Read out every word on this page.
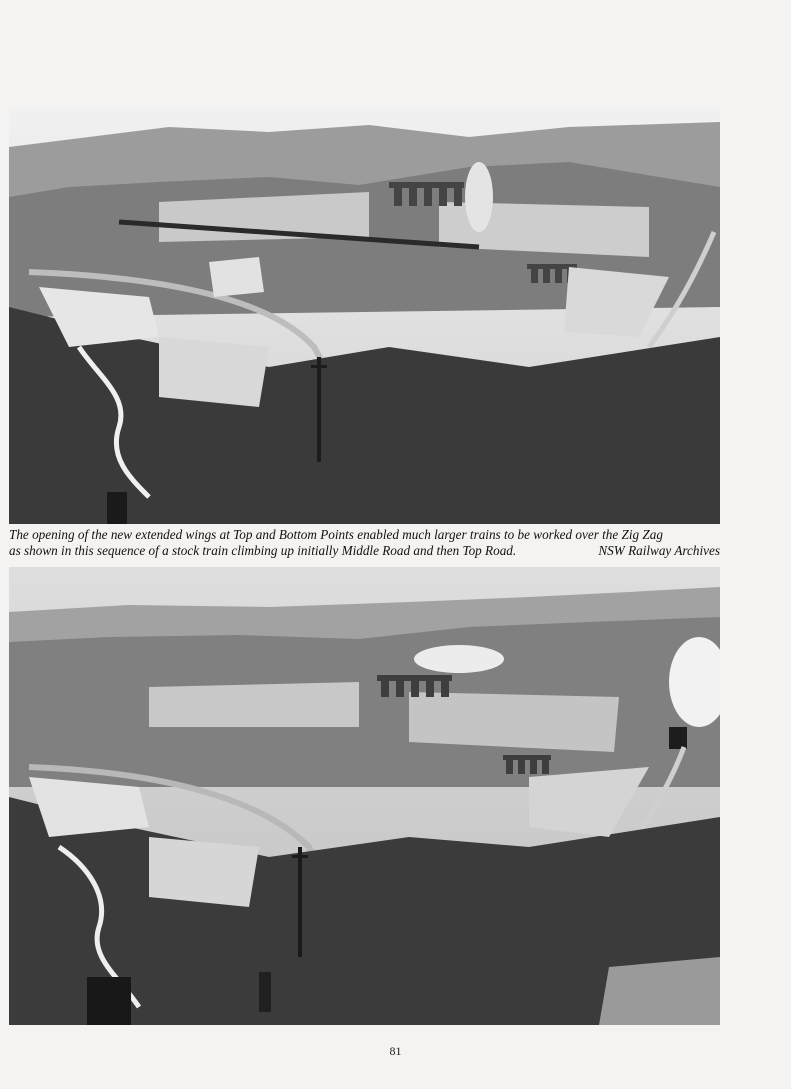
The opening of the new extended wings at Top and Bottom Points enabled much larger trains to be worked over the Zig Zag
as shown in this sequence of a stock train climbing up initially Middle Road and then Top Road.	NSW Railway Archives
81
